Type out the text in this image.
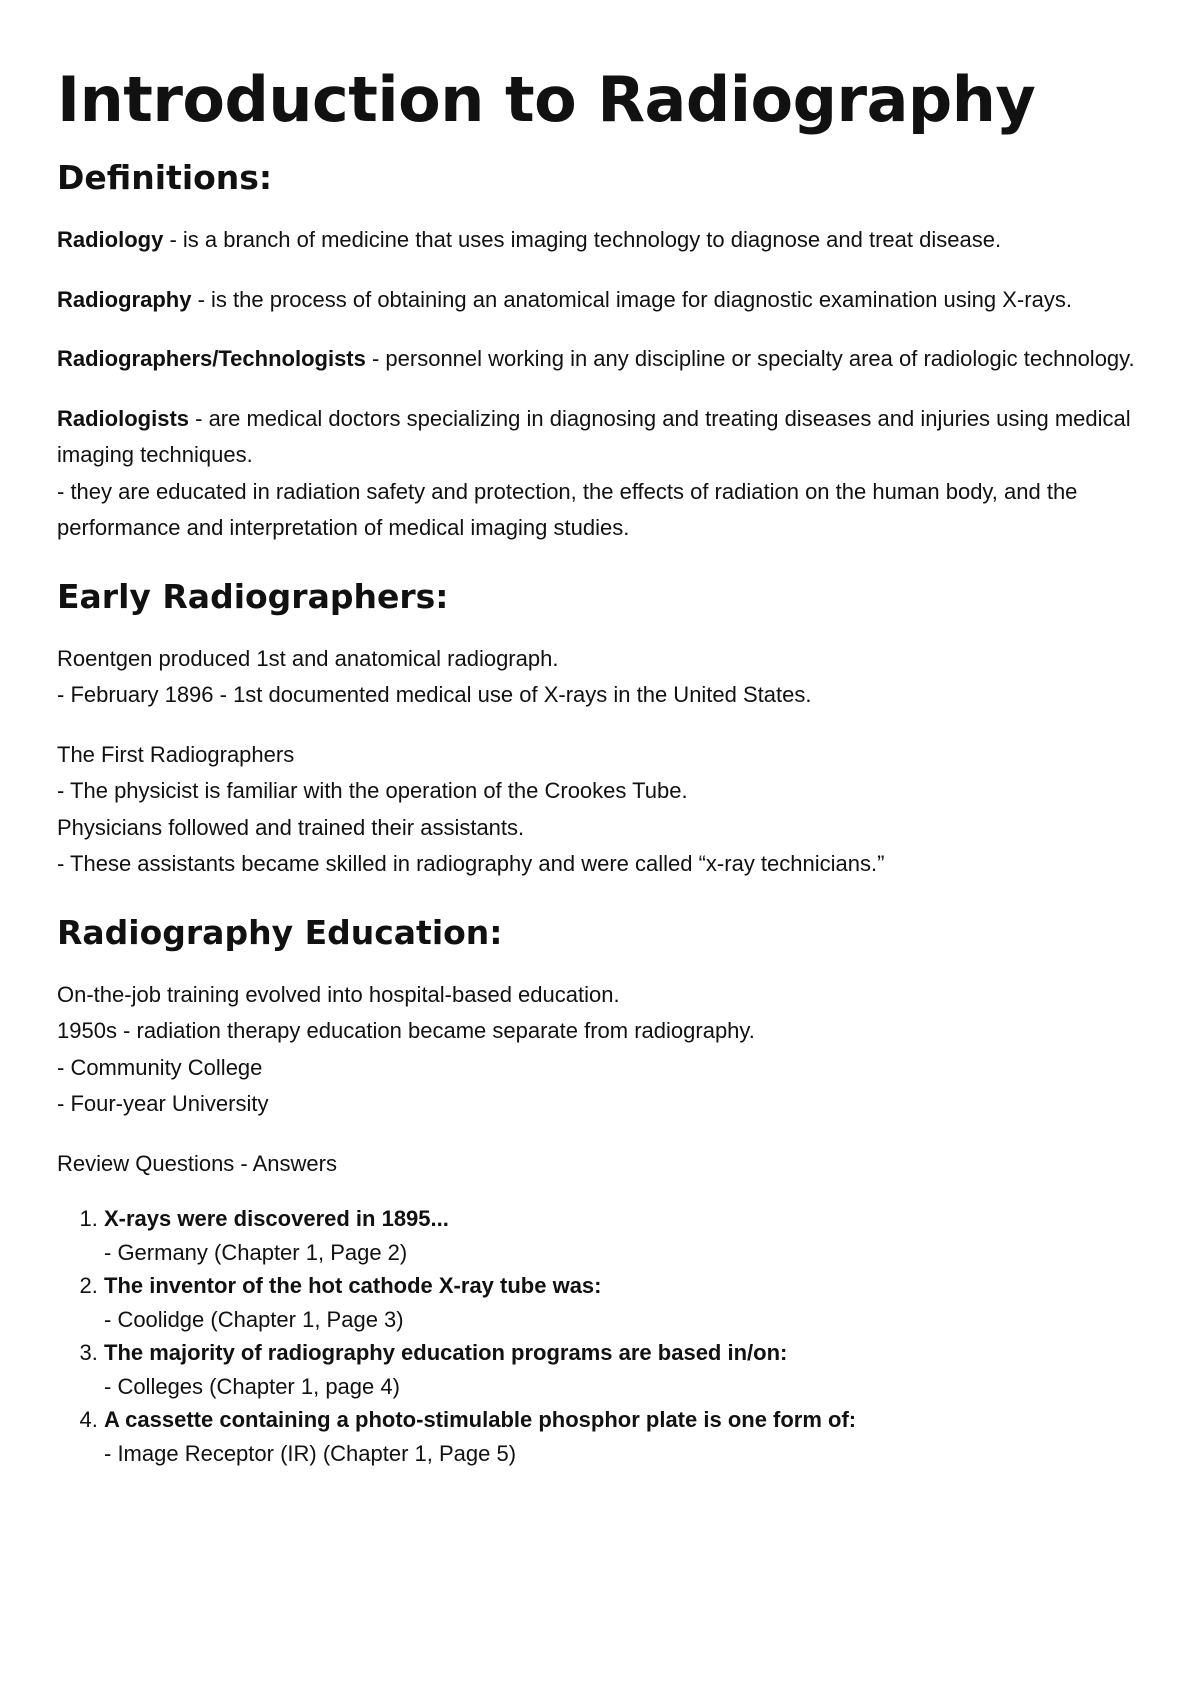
Introduction to Radiography
Definitions:

Radiology - is a branch of medicine that uses imaging technology to diagnose and treat disease.

Radiography - is the process of obtaining an anatomical image for diagnostic examination using X-rays.

Radiographers/Technologists - personnel working in any discipline or specialty area of radiologic technology.

Radiologists - are medical doctors specializing in diagnosing and treating diseases and injuries using medical imaging techniques.

- they are educated in radiation safety and protection, the effects of radiation on the human body, and the performance and interpretation of medical imaging studies.

Early Radiographers:

Roentgen produced 1st and anatomical radiograph.

- February 1896 - 1st documented medical use of X-rays in the United States.

The First Radiographers

- The physicist is familiar with the operation of the Crookes Tube.

Physicians followed and trained their assistants.

- These assistants became skilled in radiography and were called “x-ray technicians.”

Radiography Education:

On-the-job training evolved into hospital-based education.

1950s - radiation therapy education became separate from radiography.

- Community College

- Four-year University

Review Questions - Answers

1. X-rays were discovered in 1895...
- Germany (Chapter 1, Page 2)
2. The inventor of the hot cathode X-ray tube was:
- Coolidge (Chapter 1, Page 3)
3. The majority of radiography education programs are based in/on:
- Colleges (Chapter 1, page 4)
4. A cassette containing a photo-stimulable phosphor plate is one form of:
- Image Receptor (IR) (Chapter 1, Page 5)
